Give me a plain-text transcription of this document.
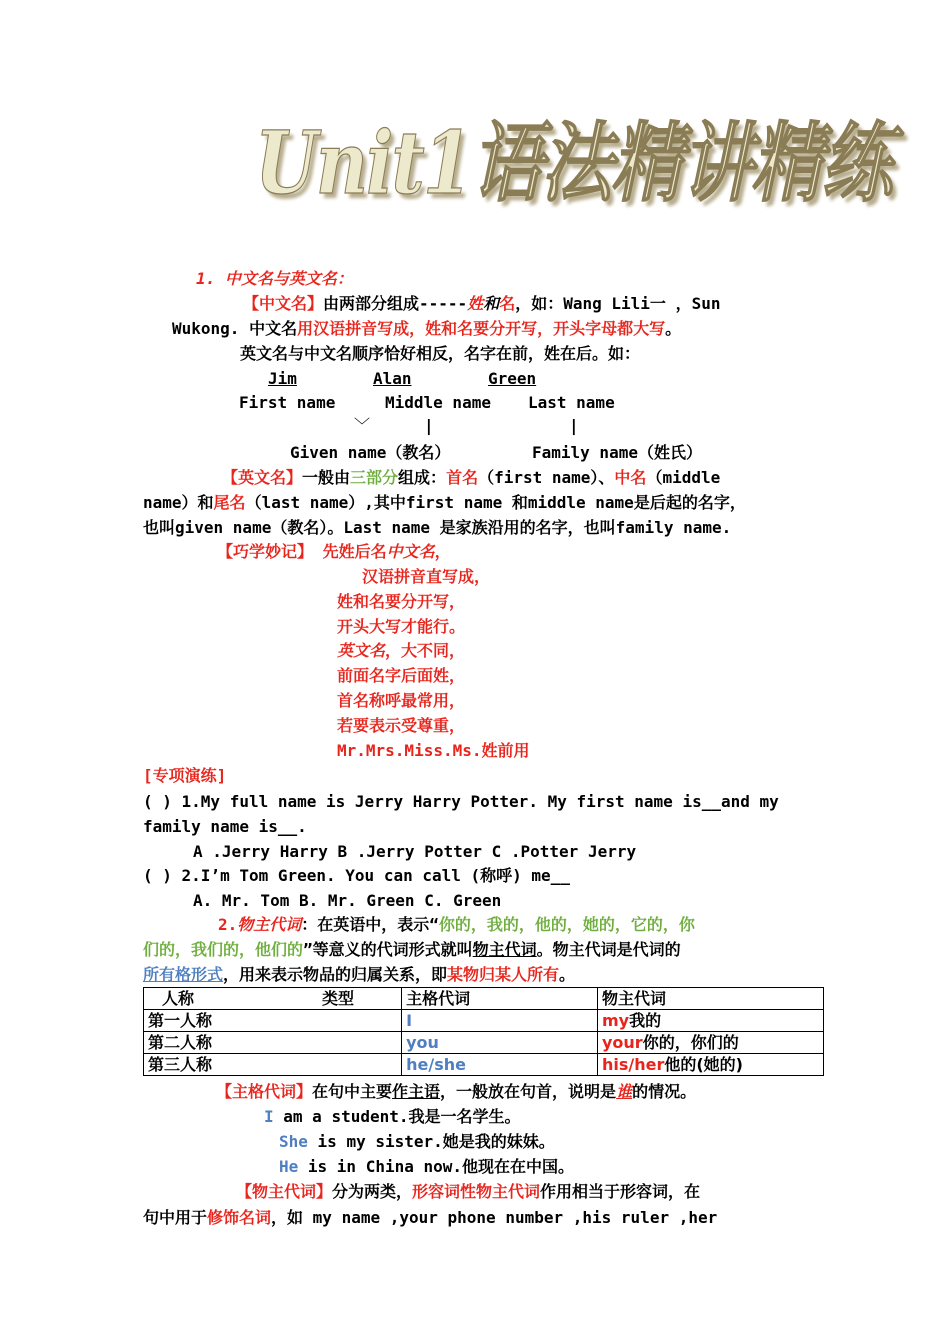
Unit1语法精讲精练
1. 中文名与英文名：
【中文名】由两部分组成-----姓和名，如：Wang Lili一 ，Sun
Wukong. 中文名用汉语拼音写成，姓和名要分开写，开头字母都大写。
英文名与中文名顺序恰好相反，名字在前，姓在后。如：
Jim	Alan	Green
First name	Middle name Last name
﹀	|	|
Given name（教名）	Family name（姓氏）
【英文名】一般由三部分组成：首名（first name）、中名（middle
name）和尾名（last name）,其中first name 和middle name是后起的名字，
也叫given name（教名）。Last name 是家族沿用的名字，也叫family name.
【巧学妙记】 先姓后名中文名，
汉语拼音直写成，
姓和名要分开写，
开头大写才能行。
英文名，大不同，
前面名字后面姓，
首名称呼最常用，
若要表示受尊重，
Mr.Mrs.Miss.Ms.姓前用
[专项演练]
( ) 1.My full name is Jerry Harry Potter. My first name is__and my
family name is__.
A .Jerry Harry B .Jerry Potter C .Potter Jerry
( ) 2.I’m Tom Green. You can call (称呼) me__
A. Mr. Tom B. Mr. Green C. Green
2.物主代词：在英语中，表示“你的，我的，他的，她的，它的，你
们的，我们的，他们的”等意义的代词形式就叫物主代词。物主代词是代词的
所有格形式，用来表示物品的归属关系，即某物归某人所有。
人称 类型	主格代词	物主代词
第一人称	I	my我的
第二人称	you	your你的，你们的
第三人称	he/she	his/her他的(她的)
【主格代词】在句中主要作主语，一般放在句首，说明是谁的情况。
I am a student.我是一名学生。
She is my sister.她是我的妹妹。
He is in China now.他现在在中国。
【物主代词】分为两类，形容词性物主代词作用相当于形容词，在
句中用于修饰名词，如 my name ,your phone number ,his ruler ,her
